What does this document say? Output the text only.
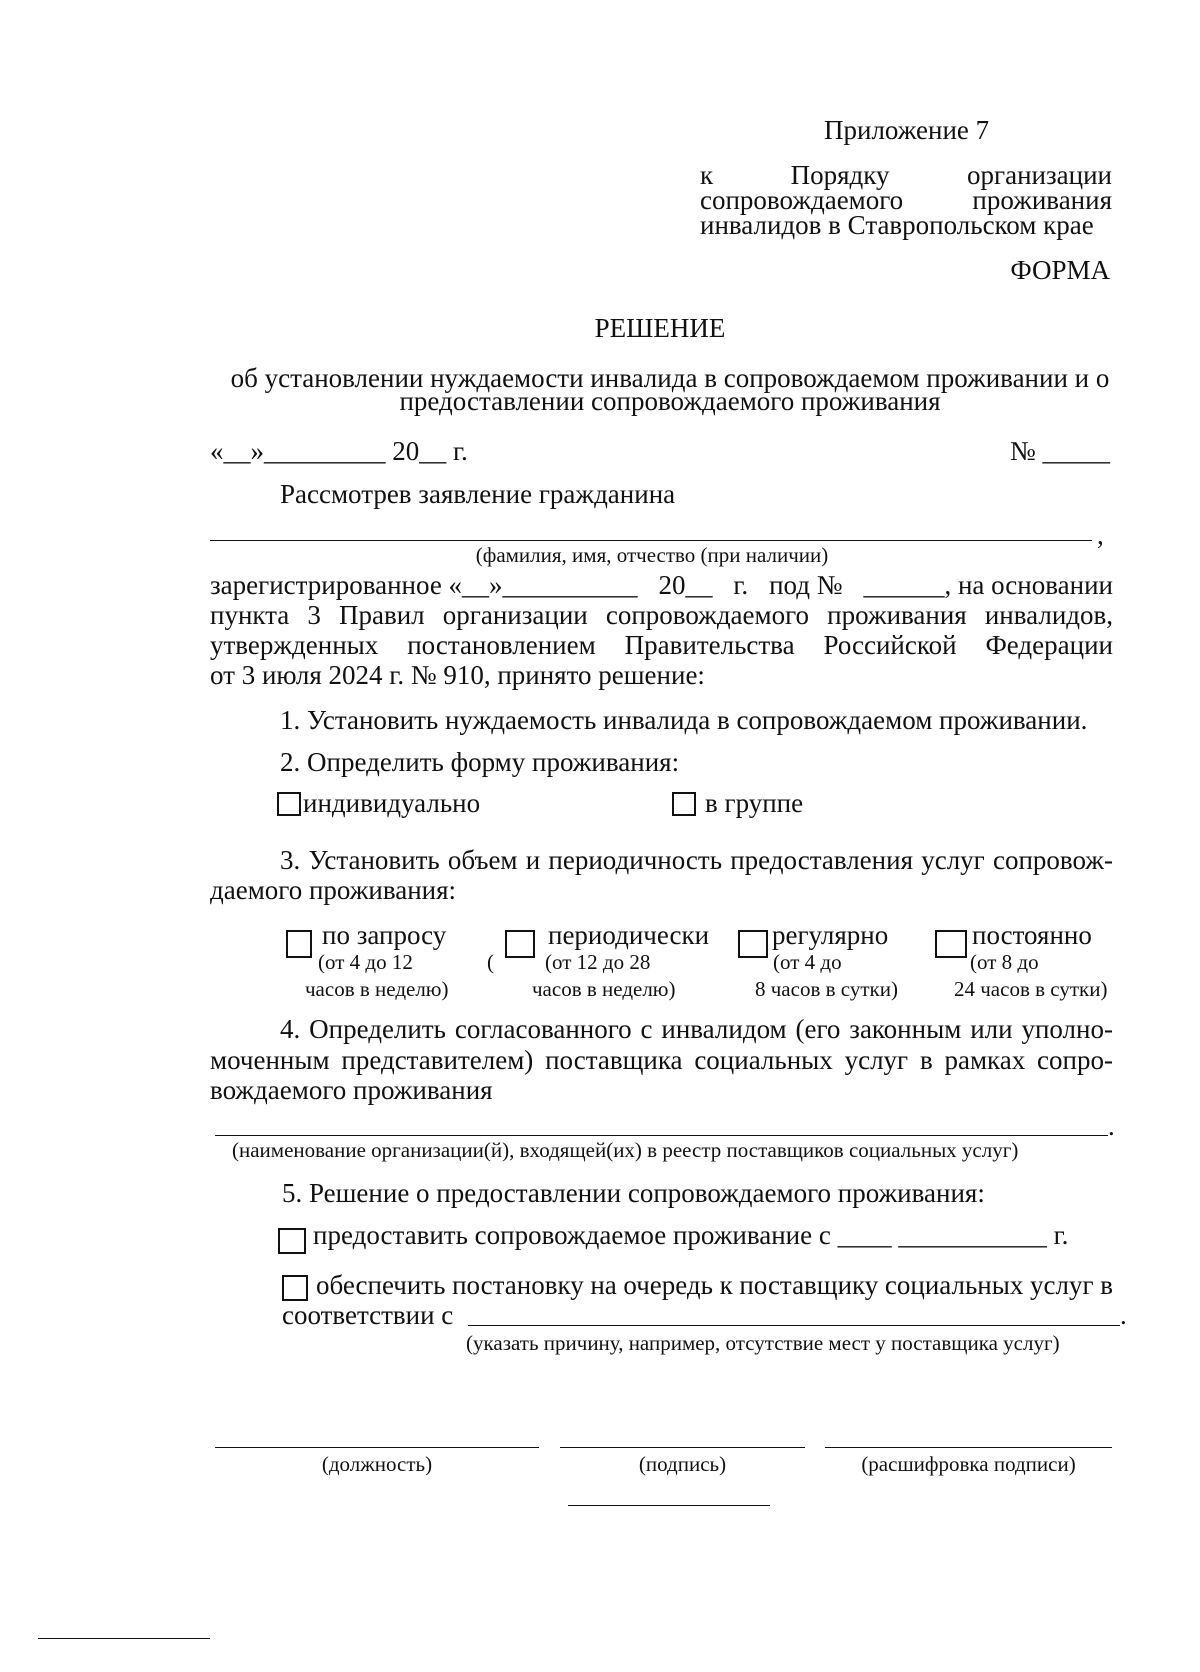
Приложение 7
к	Порядку	организации
сопровождаемого	проживания
инвалидов в Ставропольском крае
ФОРМА
РЕШЕНИЕ
об установлении нуждаемости инвалида в сопровождаемом проживании и о
предоставлении сопровождаемого проживания
«__»_________ 20__ г.	№ _____
Рассмотрев заявление гражданина
,
(фамилия, имя, отчество (при наличии)
зарегистрированное «__»__________ 20__ г. под № ______, на основании
пункта 3 Правил организации сопровождаемого проживания инвалидов,
утвержденных постановлением Правительства Российской Федерации
от 3 июля 2024 г. № 910, принято решение:
1. Установить нуждаемость инвалида в сопровождаемом проживании.
2. Определить форму проживания:
индивидуально	в группе
3. Установить объем и периодичность предоставления услуг сопровож-
даемого проживания:
по запросу
(от 4 до 12
часов в неделю)
(
периодически
(от 12 до 28
часов в неделю)
регулярно
(от 4 до
8 часов в сутки)
постоянно
(от 8 до
24 часов в сутки)
4. Определить согласованного с инвалидом (его законным или уполно-
моченным представителем) поставщика социальных услуг в рамках сопро-
вождаемого проживания
.
(наименование организации(й), входящей(их) в реестр поставщиков социальных услуг)
5. Решение о предоставлении сопровождаемого проживания:
предоставить сопровождаемое проживание с ____ ___________ г.
обеспечить постановку на очередь к поставщику социальных услуг в
соответствии с	.
(указать причину, например, отсутствие мест у поставщика услуг)
(должность)	(подпись)	(расшифровка подписи)
